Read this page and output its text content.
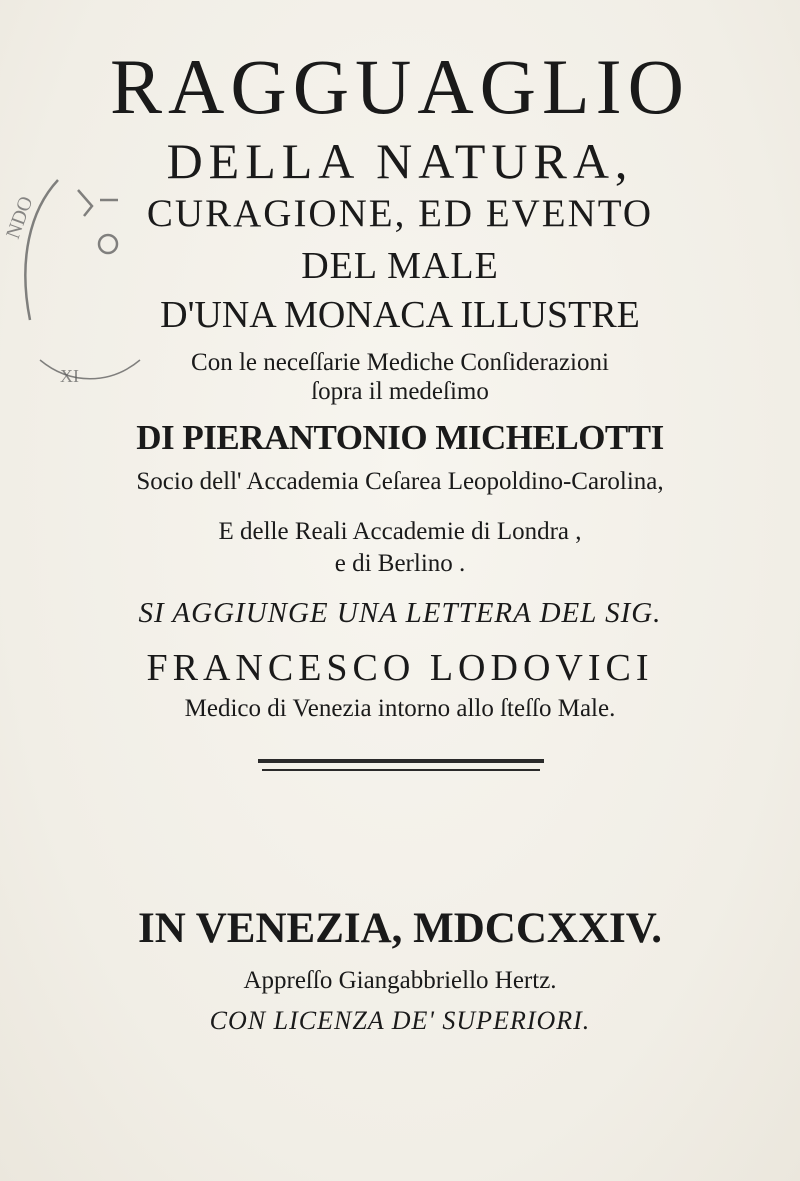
NDO
XI
RAGGUAGLIO
DELLA NATURA,
CURAGIONE, ED EVENTO
DEL MALE
D'UNA MONACA ILLUSTRE
Con le neceſſarie Mediche Conſiderazioni
ſopra il medeſimo
DI PIERANTONIO MICHELOTTI
Socio dell' Accademia Ceſarea Leopoldino-Carolina,
E delle Reali Accademie di Londra ,
e di Berlino .
SI AGGIUNGE UNA LETTERA DEL SIG.
FRANCESCO LODOVICI
Medico di Venezia intorno allo ſteſſo Male.
IN VENEZIA, MDCCXXIV.
Appreſſo Giangabbriello Hertz.
CON LICENZA DE' SUPERIORI.
